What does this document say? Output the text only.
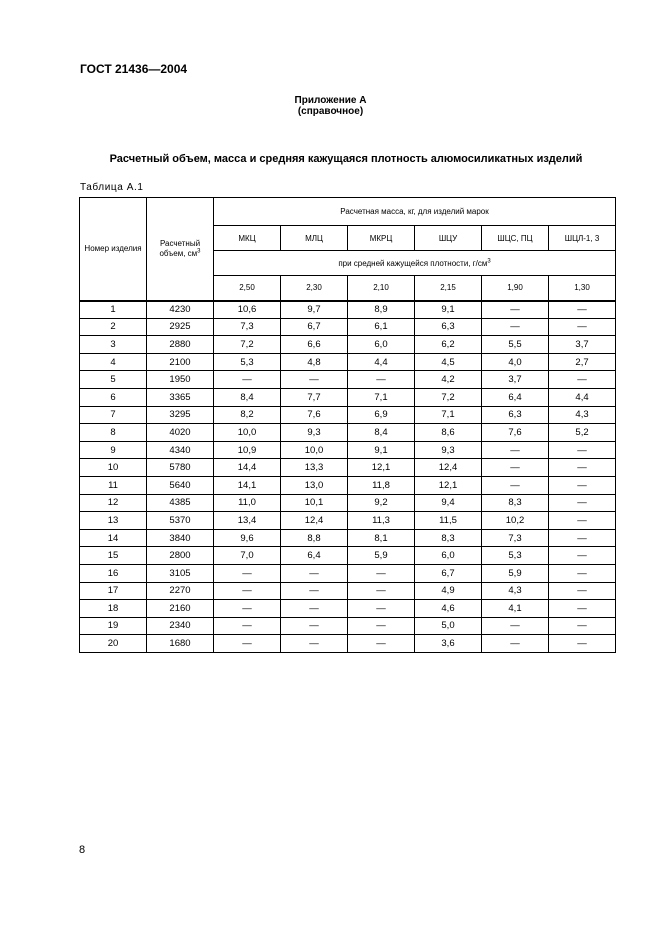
ГОСТ 21436—2004
Приложение А
(справочное)
Расчетный объем, масса и средняя кажущаяся плотность алюмосиликатных изделий
Таблица А.1
Номер изделия	Расчетный объем, $см^3$	Расчетная масса, кг, для изделий марок					
		МКЦ	МЛЦ	МКРЦ	ШЦУ	ШЦС, ПЦ	ШЦЛ-1, 3
		при средней кажущейся плотности, $г/см^3$
		2,50	2,30	2,10	2,15	1,90	1,30
1	4230	10,6	9,7	8,9	9,1	—	—
2	2925	7,3	6,7	6,1	6,3	—	—
3	2880	7,2	6,6	6,0	6,2	5,5	3,7
4	2100	5,3	4,8	4,4	4,5	4,0	2,7
5	1950	—	—	—	4,2	3,7	—
6	3365	8,4	7,7	7,1	7,2	6,4	4,4
7	3295	8,2	7,6	6,9	7,1	6,3	4,3
8	4020	10,0	9,3	8,4	8,6	7,6	5,2
9	4340	10,9	10,0	9,1	9,3	—	—
10	5780	14,4	13,3	12,1	12,4	—	—
11	5640	14,1	13,0	11,8	12,1	—	—
12	4385	11,0	10,1	9,2	9,4	8,3	—
13	5370	13,4	12,4	11,3	11,5	10,2	—
14	3840	9,6	8,8	8,1	8,3	7,3	—
15	2800	7,0	6,4	5,9	6,0	5,3	—
16	3105	—	—	—	6,7	5,9	—
17	2270	—	—	—	4,9	4,3	—
18	2160	—	—	—	4,6	4,1	—
19	2340	—	—	—	5,0	—	—
20	1680	—	—	—	3,6	—	—
8
